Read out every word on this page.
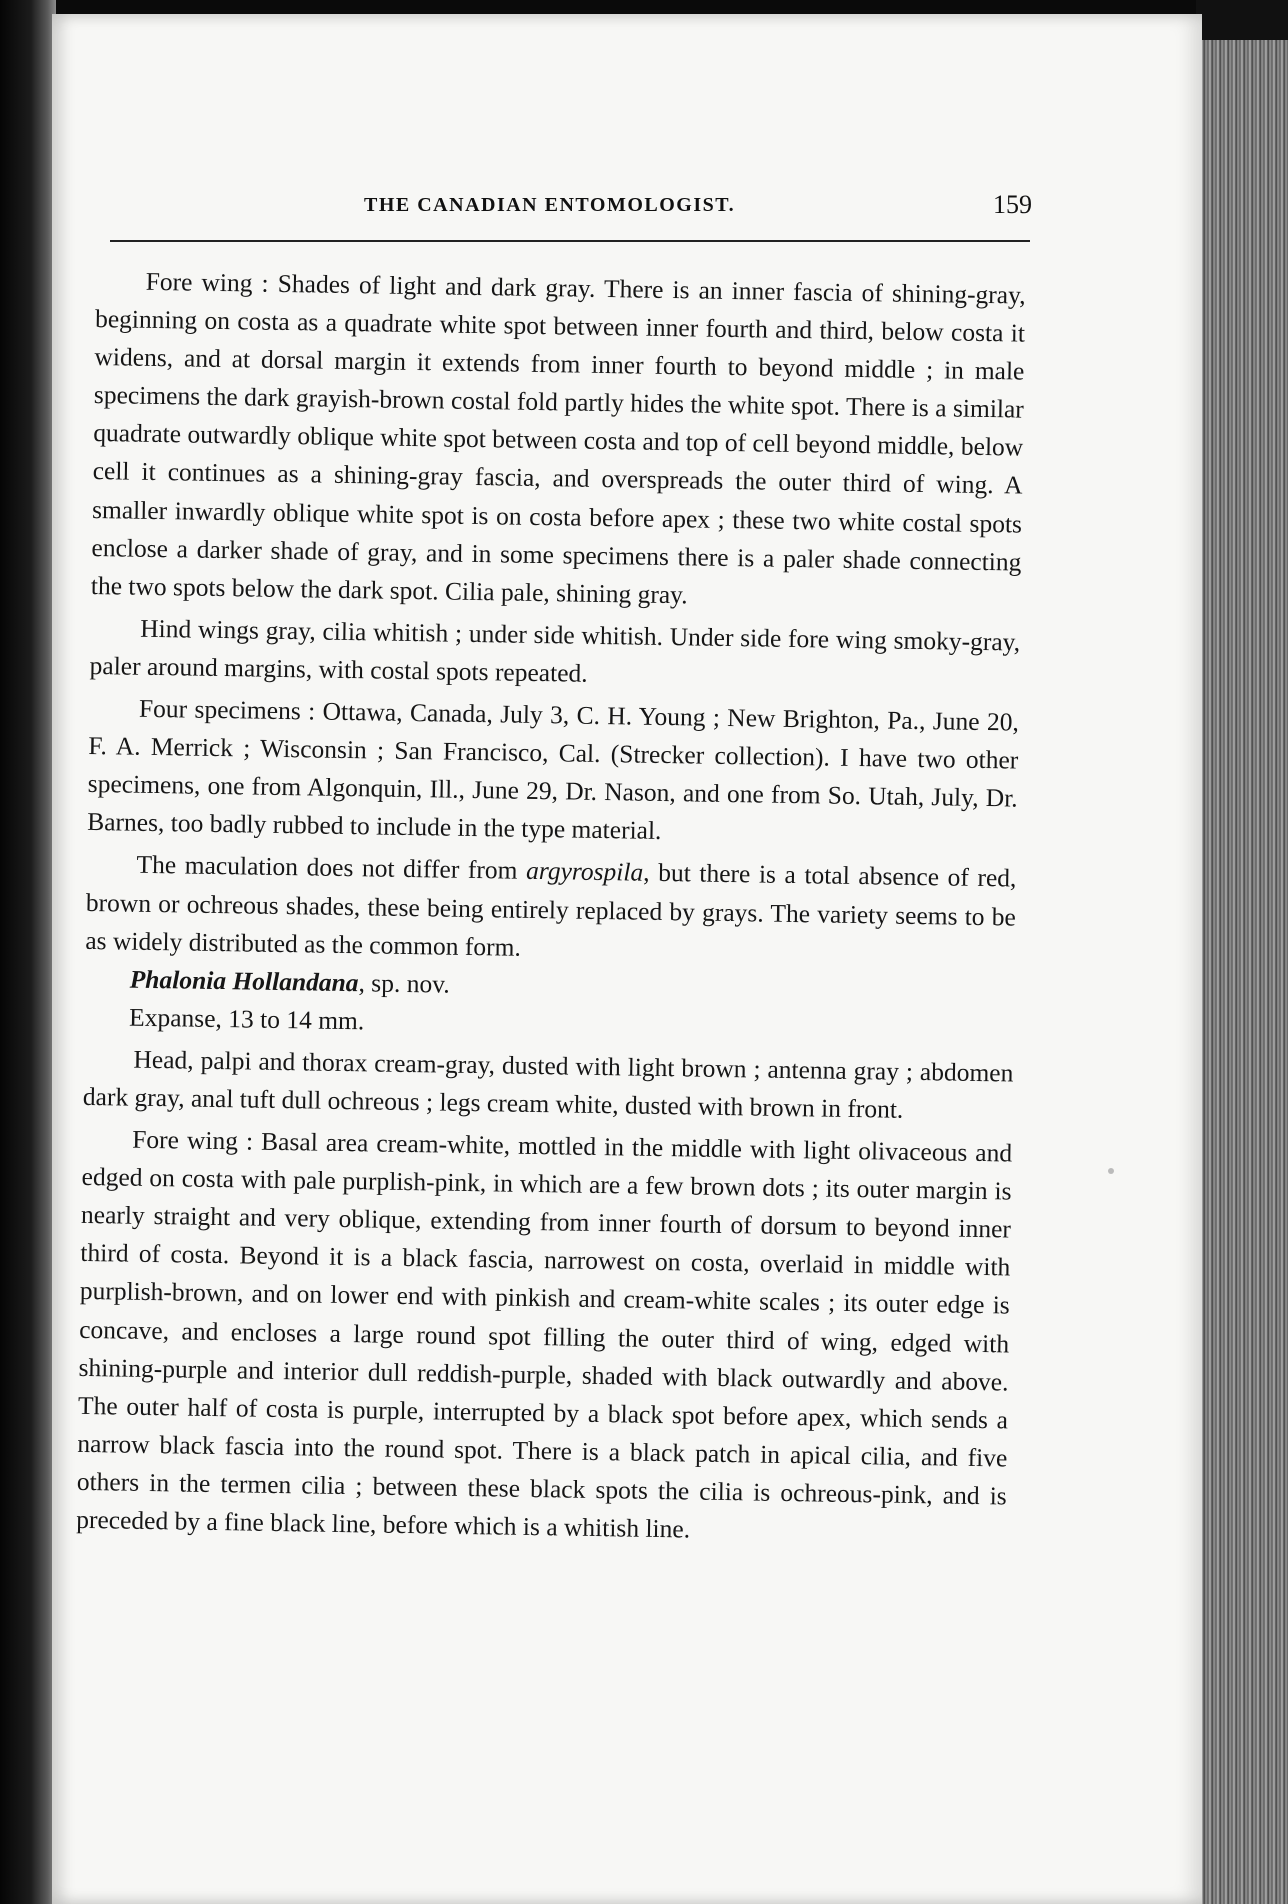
THE CANADIAN ENTOMOLOGIST.	159

Fore wing : Shades of light and dark gray. There is an inner fascia of shining-gray, beginning on costa as a quadrate white spot between inner fourth and third, below costa it widens, and at dorsal margin it extends from inner fourth to beyond middle ; in male specimens the dark grayish-brown costal fold partly hides the white spot. There is a similar quadrate outwardly oblique white spot between costa and top of cell beyond middle, below cell it continues as a shining-gray fascia, and overspreads the outer third of wing. A smaller inwardly oblique white spot is on costa before apex ; these two white costal spots enclose a darker shade of gray, and in some specimens there is a paler shade connecting the two spots below the dark spot. Cilia pale, shining gray.

Hind wings gray, cilia whitish ; under side whitish. Under side fore wing smoky-gray, paler around margins, with costal spots repeated.

Four specimens : Ottawa, Canada, July 3, C. H. Young ; New Brighton, Pa., June 20, F. A. Merrick ; Wisconsin ; San Francisco, Cal. (Strecker collection). I have two other specimens, one from Algonquin, Ill., June 29, Dr. Nason, and one from So. Utah, July, Dr. Barnes, too badly rubbed to include in the type material.

The maculation does not differ from argyrospila, but there is a total absence of red, brown or ochreous shades, these being entirely replaced by grays. The variety seems to be as widely distributed as the common form.

Phalonia Hollandana, sp. nov.

Expanse, 13 to 14 mm.

Head, palpi and thorax cream-gray, dusted with light brown ; antenna gray ; abdomen dark gray, anal tuft dull ochreous ; legs cream white, dusted with brown in front.

Fore wing : Basal area cream-white, mottled in the middle with light olivaceous and edged on costa with pale purplish-pink, in which are a few brown dots ; its outer margin is nearly straight and very oblique, extending from inner fourth of dorsum to beyond inner third of costa. Beyond it is a black fascia, narrowest on costa, overlaid in middle with purplish-brown, and on lower end with pinkish and cream-white scales ; its outer edge is concave, and encloses a large round spot filling the outer third of wing, edged with shining-purple and interior dull reddish-purple, shaded with black outwardly and above. The outer half of costa is purple, interrupted by a black spot before apex, which sends a narrow black fascia into the round spot. There is a black patch in apical cilia, and five others in the termen cilia ; between these black spots the cilia is ochreous-pink, and is preceded by a fine black line, before which is a whitish line.
